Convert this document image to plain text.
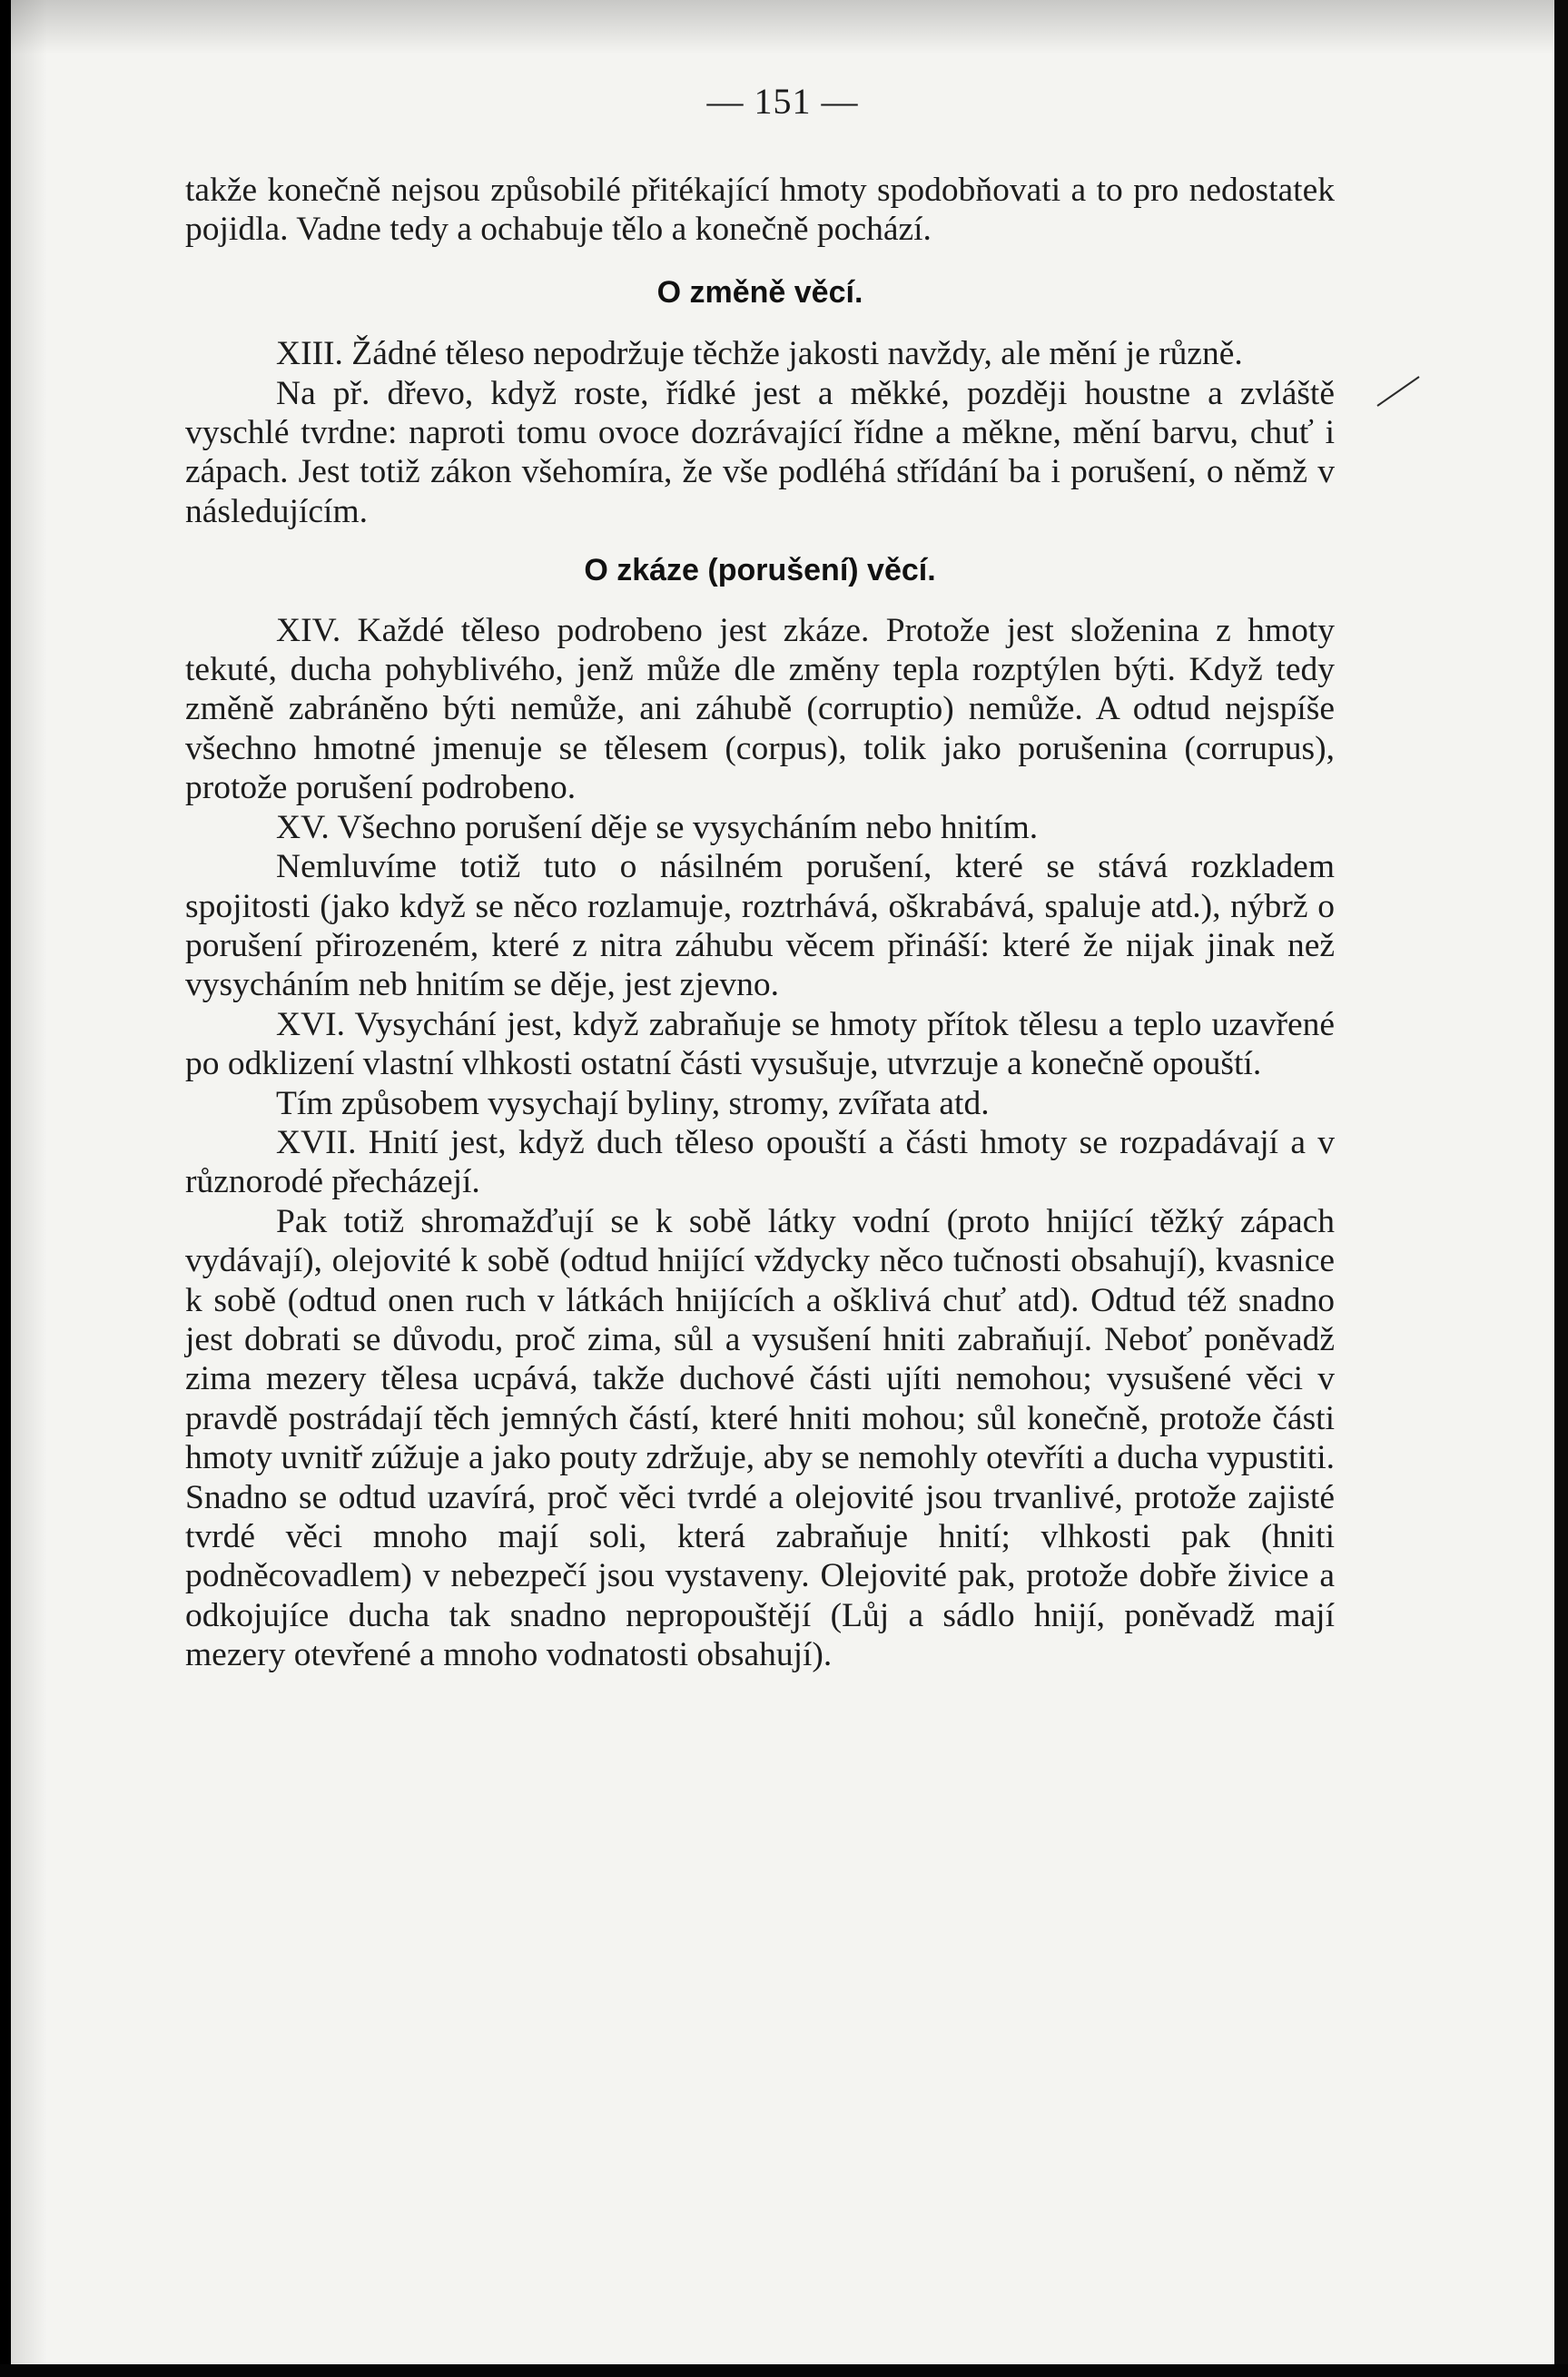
— 151 —

takže konečně nejsou způsobilé přitékající hmoty spodobňovati a to pro nedostatek pojidla. Vadne tedy a ochabuje tělo a konečně pochází.

O změně věcí.

XIII. Žádné těleso nepodržuje těchže jakosti navždy, ale mění je různě.

Na př. dřevo, když roste, řídké jest a měkké, později houstne a zvláště vyschlé tvrdne: naproti tomu ovoce dozrávající řídne a měkne, mění barvu, chuť i zápach. Jest totiž zákon všehomíra, že vše podléhá střídání ba i porušení, o němž v následujícím.

O zkáze (porušení) věcí.

XIV. Každé těleso podrobeno jest zkáze. Protože jest složenina z hmoty tekuté, ducha pohyblivého, jenž může dle změny tepla rozptýlen býti. Když tedy změně zabráněno býti nemůže, ani záhubě (corruptio) nemůže. A odtud nejspíše všechno hmotné jmenuje se tělesem (corpus), tolik jako porušenina (corrupus), protože porušení podrobeno.

XV. Všechno porušení děje se vysycháním nebo hnitím.

Nemluvíme totiž tuto o násilném porušení, které se stává rozkladem spojitosti (jako když se něco rozlamuje, roztrhává, oškrabává, spaluje atd.), nýbrž o porušení přirozeném, které z nitra záhubu věcem přináší: které že nijak jinak než vysycháním neb hnitím se děje, jest zjevno.

XVI. Vysychání jest, když zabraňuje se hmoty přítok tělesu a teplo uzavřené po odklizení vlastní vlhkosti ostatní části vysušuje, utvrzuje a konečně opouští.

Tím způsobem vysychají byliny, stromy, zvířata atd.

XVII. Hnití jest, když duch těleso opouští a části hmoty se rozpadávají a v různorodé přecházejí.

Pak totiž shromažďují se k sobě látky vodní (proto hnijící těžký zápach vydávají), olejovité k sobě (odtud hnijící vždycky něco tučnosti obsahují), kvasnice k sobě (odtud onen ruch v látkách hnijících a ošklivá chuť atd). Odtud též snadno jest dobrati se důvodu, proč zima, sůl a vysušení hniti zabraňují. Neboť poněvadž zima mezery tělesa ucpává, takže duchové části ujíti nemohou; vysušené věci v pravdě postrádají těch jemných částí, které hniti mohou; sůl konečně, protože části hmoty uvnitř zúžuje a jako pouty zdržuje, aby se nemohly otevříti a ducha vypustiti. Snadno se odtud uzavírá, proč věci tvrdé a olejovité jsou trvanlivé, protože zajisté tvrdé věci mnoho mají soli, která zabraňuje hnití; vlhkosti pak (hniti podněcovadlem) v nebezpečí jsou vystaveny. Olejovité pak, protože dobře živice a odkojujíce ducha tak snadno nepropouštějí (Lůj a sádlo hnijí, poněvadž mají mezery otevřené a mnoho vodnatosti obsahují).
